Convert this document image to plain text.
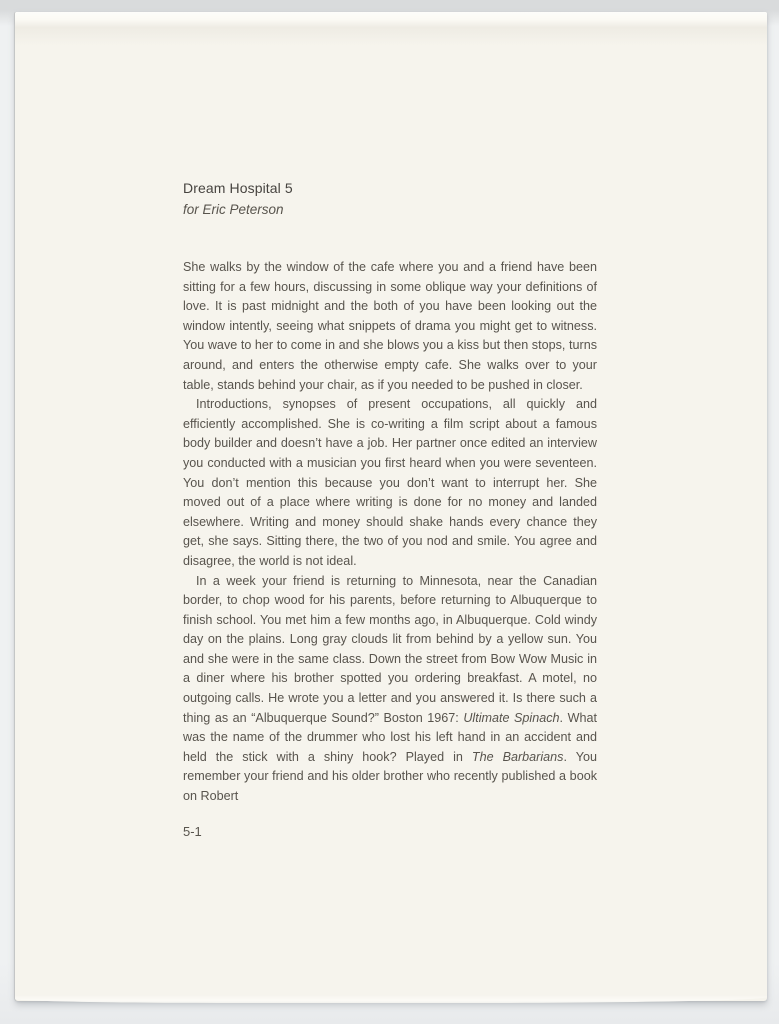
Dream Hospital 5

for Eric Peterson

She walks by the window of the cafe where you and a friend have been sitting for a few hours, discussing in some oblique way your definitions of love. It is past midnight and the both of you have been looking out the window intently, seeing what snippets of drama you might get to witness. You wave to her to come in and she blows you a kiss but then stops, turns around, and enters the otherwise empty cafe. She walks over to your table, stands behind your chair, as if you needed to be pushed in closer.

Introductions, synopses of present occupations, all quickly and efficiently accomplished. She is co-writing a film script about a famous body builder and doesn’t have a job. Her partner once edited an interview you conducted with a musician you first heard when you were seventeen. You don’t mention this because you don’t want to interrupt her. She moved out of a place where writing is done for no money and landed elsewhere. Writing and money should shake hands every chance they get, she says. Sitting there, the two of you nod and smile. You agree and disagree, the world is not ideal.

In a week your friend is returning to Minnesota, near the Canadian border, to chop wood for his parents, before returning to Albuquerque to finish school. You met him a few months ago, in Albuquerque. Cold windy day on the plains. Long gray clouds lit from behind by a yellow sun. You and she were in the same class. Down the street from Bow Wow Music in a diner where his brother spotted you ordering breakfast. A motel, no outgoing calls. He wrote you a letter and you answered it. Is there such a thing as an “Albuquerque Sound?” Boston 1967: Ultimate Spinach. What was the name of the drummer who lost his left hand in an accident and held the stick with a shiny hook? Played in The Barbarians. You remember your friend and his older brother who recently published a book on Robert

5-1
